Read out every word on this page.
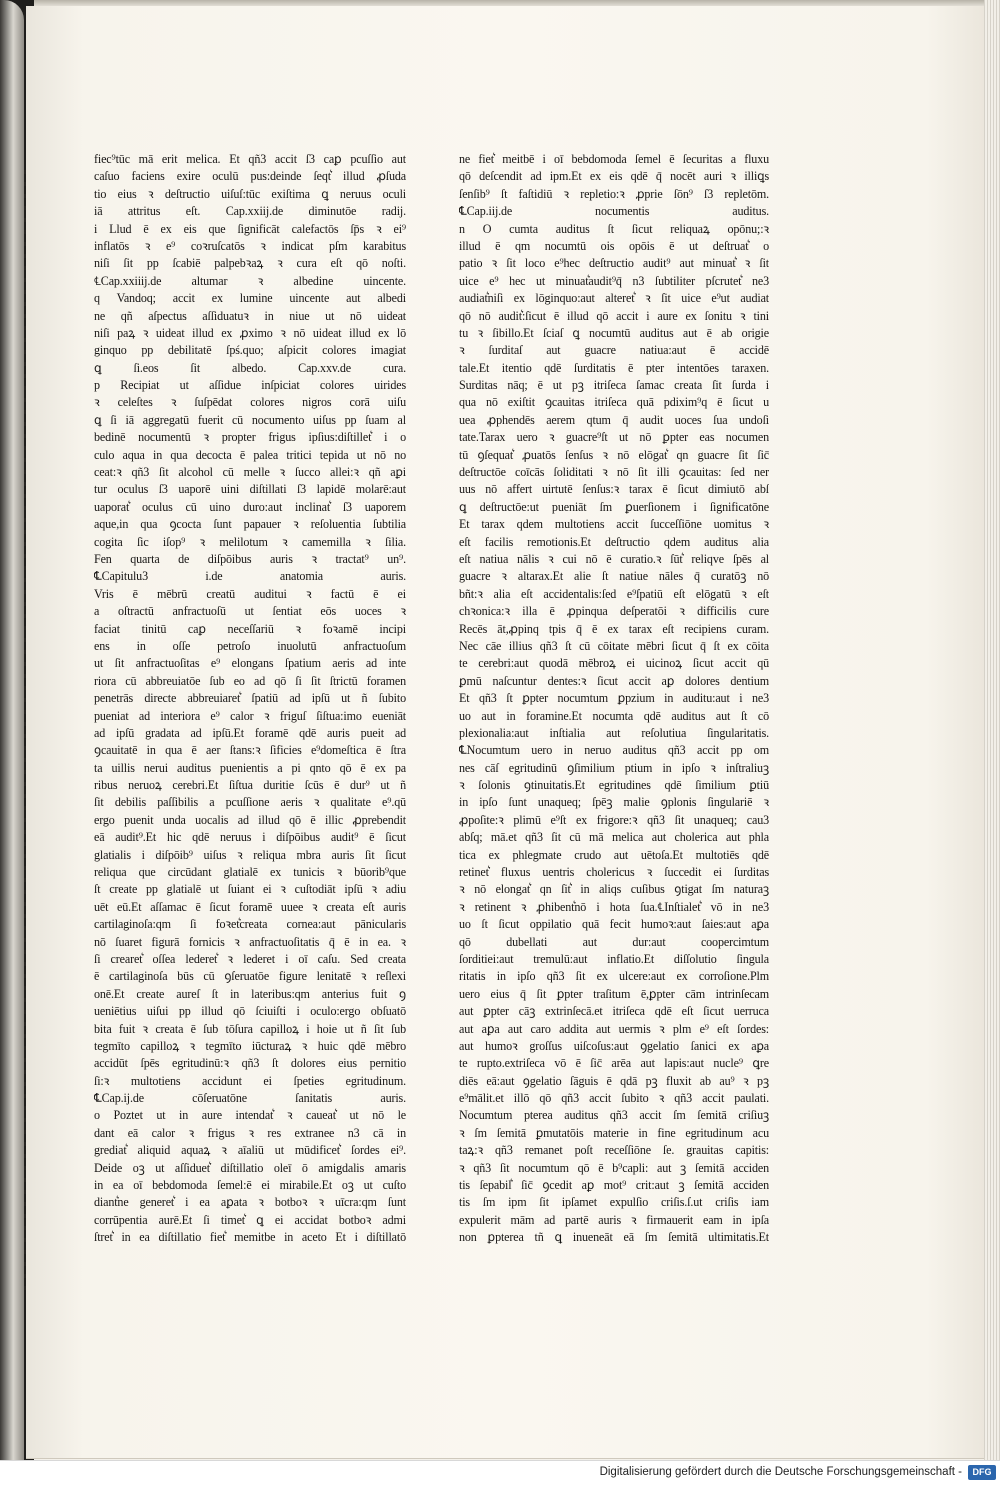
fiec⁹tūc mā erit melica. Et qñ3 accit ſ3 caꝑ pcuſſio aut
caſuo faciens exire oculū pus:deinde ſeqt͛ illud ꝓſuda
tio eius ꝛ deſtructio uiſuſ:tūc exiſtima ꝗ neruus oculi
iā attritus eſt. Cap.xxiij.de diminutōe radij.
i Llud ē ex eis que ſignificāt calefactōs ſp̄s ꝛ ei⁹
inflatōs ꝛ e⁹ coꝛruſcatōs ꝛ indicat pſm karabitus
niſi ſit pp ſcabiē palpebꝛaꝝ ꝛ cura eſt qō noſti.
℄Cap.xxiiij.de altumar ꝛ albedine uincente.
q Vandoq; accit ex lumine uincente aut albedi
ne qñ aſpectus aſſiduatuꝛ in niue ut nō uideat
niſi paꝝ ꝛ uideat illud ex ꝓximo ꝛ nō uideat illud ex lō
ginquo pp debilitatē ſpś.quo; aſpicit colores imagiat
ꝗ ſi.eos ſit albedo. Cap.xxv.de cura.
p Recipiat ut aſſidue inſpiciat colores uirides
ꝛ celeſtes ꝛ ſuſpēdat colores nigros corā uiſu
ꝗ ſi iā aggregatū fuerit cū nocumento uiſus pp ſuam al
bedinē nocumentū ꝛ propter frigus ipſius:diſtillet͛ i o
culo aqua in qua decocta ē palea tritici tepida ut nō no
ceat:ꝛ qñ3 ſit alcohol cū melle ꝛ ſucco allei:ꝛ qñ aꝑi
tur oculus ſ3 uaporē uini diſtillati ſ3 lapidē molarē:aut
uaporat͛ oculus cū uino duro:aut inclinat͛ ſ3 uaporem
aque,in qua ꝯcocta ſunt papauer ꝛ reſoluentia ſubtilia
cogita ſic iſop⁹ ꝛ melilotum ꝛ camemilla ꝛ ſilia.
Fen quarta de diſpōibus auris ꝛ tractat⁹ un⁹.
℄Capitulu3 i.de anatomia auris.
Vris ē mēbrū creatū auditui ꝛ factū ē ei
a oſtractū anfractuoſū ut ſentiat eōs uoces ꝛ
faciat tinitū caꝑ neceſſariū ꝛ foꝛamē incipi
ens in oſſe petroſo inuolutū anfractuoſum
ut ſit anfractuoſitas e⁹ elongans ſpatium aeris ad inte
riora cū abbreuiatōe ſub eo ad qō ſi ſit ſtrictū foramen
penetrās directe abbreuiaret͛ ſpatiū ad ipſū ut ñ ſubito
pueniat ad interiora e⁹ calor ꝛ friguſ ſiſtua:imo eueniāt
ad ipſū gradata ad ipſū.Et foramē qdē auris pueit ad
ꝯcauitatē in qua ē aer ſtans:ꝛ ſificies e⁹domeſtica ē ſtra
ta uillis nerui auditus puenientis a pi qnto qō ē ex pa
ribus neruoꝝ cerebri.Et ſiſtua duritie ſcūs ē dur⁹ ut ñ
ſit debilis paſſibilis a pcuſſione aeris ꝛ qualitate e⁹.qū
ergo puenit unda uocalis ad illud qō ē illic ꝓprebendit
eā audit⁹.Et hic qdē neruus i diſpōibus audit⁹ ē ſicut
glatialis i diſpōib⁹ uiſus ꝛ reliqua mbra auris ſit ſicut
reliqua que circūdant glatialē ex tunicis ꝛ būorib⁹que
ſt create pp glatialē ut ſuiant ei ꝛ cuſtodiāt ipſū ꝛ adiu
uēt eū.Et aſſamac ē ſicut foramē uuee ꝛ creata eſt auris
cartilaginoſa:qm ſi foꝛet͛creata cornea:aut pānicularis
nō ſuaret figurā fornicis ꝛ anfractuoſitatis q̄ ē in ea. ꝛ
ſi crearet͛ oſſea lederet͛ ꝛ lederet i oī caſu. Sed creata
ē cartilaginoſa būs cū ꝯſeruatōe figure lenitatē ꝛ reſlexi
onē.Et create aureſ ſt in lateribus:qm anterius fuit ꝯ
ueniētius uiſui pp illud qō ſciuiſti i oculo:ergo obſuatō
bita fuit ꝛ creata ē ſub tōſura capilloꝝ i hoie ut ñ ſit ſub
tegmīto capilloꝝ ꝛ tegmīto iūcturaꝝ ꝛ huic qdē mēbro
accidūt ſpēs egritudinū:ꝛ qñ3 ſt dolores eius pernitio
ſi:ꝛ multotiens accidunt ei ſpeties egritudinum.
℄Cap.ij.de cōſeruatōne ſanitatis auris.
o Poztet ut in aure intendat͛ ꝛ caueat͛ ut nō le
dant eā calor ꝛ frigus ꝛ res extranee n3 cā in
grediat͛ aliquid aquaꝝ ꝛ aīaliū ut mūdificet͛ ſordes ei⁹.
Deide oꝫ ut aſſiduet͛ diſtillatio oleī ō amigdalis amaris
in ea oī bebdomoda ſemel:ē ei mirabile.Et oꝫ ut cuſto
diant͛ne generet͛ i ea aꝑata ꝛ botboꝛ ꝛ uīcra:qm ſunt
corrūpentia aurē.Et ſi timet͛ ꝗ ei accidat botboꝛ admi
ſtret͛ in ea diſtillatio fiet͛ memitbe in aceto Et i diſtillatō
ne fiet͛ meitbē i oī bebdomoda ſemel ē ſecuritas a fluxu
qō deſcendit ad ipm.Et ex eis qdē q̄ nocēt auri ꝛ illiꝗs
ſenſib⁹ ſt faſtidiū ꝛ repletio:ꝛ ꝓprie ſōn⁹ ſ3 repletōm.
℄Cap.iij.de nocumentis auditus.
n O cumta auditus ſt ſicut reliquaꝝ opōnu;:ꝛ
illud ē qm nocumtū ois opōis ē ut deſtruat͛ o
patio ꝛ ſit loco e⁹hec deſtructio audit⁹ aut minuat͛ ꝛ ſit
uice e⁹ hec ut minuat͛audit⁹q̄ n3 ſubtiliter pſcrutet͛ ne3
audiat͛niſi ex lōginquo:aut alteret͛ ꝛ ſit uice e⁹ut audiat
qō nō audit͛:ſicut ē illud qō accit i aure ex ſonitu ꝛ tini
tu ꝛ ſibillo.Et ſciaſ ꝗ nocumtū auditus aut ē ab origie
ꝛ ſurditaſ aut guacre natiua:aut ē accidē
tale.Et itentio qdē ſurditatis ē pter intentōes taraxen.
Surditas nāq; ē ut pꝫ itriſeca ſamac creata ſit ſurda i
qua nō exiſtit ꝯcauitas itriſeca quā pdixim⁹q ē ſicut u
uea ꝓphendēs aerem qtum q̄ audit uoces ſua undoſi
tate.Tarax uero ꝛ guacre⁹ſt ut nō ꝑpter eas nocumen
tū ꝯſequat͛ ꝓuatōs ſenſus ꝛ nō elōgat͛ qn guacre ſit ſic̄
deſtructōe coīcās ſoliditati ꝛ nō ſit illi ꝯcauitas: ſed ner
uus nō affert uirtutē ſenſus:ꝛ tarax ē ſicut dimiutō abſ
ꝗ deſtructōe:ut pueniāt ſm ꝑuerſionem i ſignificatōne
Et tarax qdem multotiens accit ſucceſſiōne uomitus ꝛ
eſt facilis remotionis.Et deſtructio qdem auditus alia
eſt natiua nālis ꝛ cui nō ē curatio.ꝛ ſūt͛ reliqve ſpēs al
guacre ꝛ altarax.Et alie ſt natiue nāles q̄ curatōꝫ nō
bñt:ꝛ alia eſt accidentalis:ſed e⁹ſpatiū eſt elōgatū ꝛ eſt
chꝛonica:ꝛ illa ē ꝓpinqua deſperatōi ꝛ difficilis cure
Recēs āt,ꝓpinq tpis q̄ ē ex tarax eſt recipiens curam.
Nec cāe illius qñ3 ſt cū cōitate mēbri ſicut q̄ ſt ex cōita
te cerebri:aut quodā mēbroꝝ ei uicinoꝝ ſicut accit qū
ꝑmū naſcuntur dentes:ꝛ ſicut accit aꝑ dolores dentium
Et qñ3 ſt ꝑpter nocumtum ꝑpzium in auditu:aut i ne3
uo aut in foramine.Et nocumta qdē auditus aut ſt cō
plexionalia:aut inſtialia aut reſolutiua ſingularitatis.
℄Nocumtum uero in neruo auditus qñ3 accit pp om
nes cāſ egritudinū ꝯſimilium ptium in ipſo ꝛ inſtraliuꝫ
ꝛ ſolonis ꝯtinuitatis.Et egritudines qdē ſimilium ꝑtiū
in ipſo ſunt unaqueq; ſpēꝫ malie ꝯplonis ſingulariē ꝛ
ꝓpoſite:ꝛ plimū e⁹ſt ex frigore:ꝛ qñ3 ſit unaqueq; cau3
abſq; mā.et qñ3 ſit cū mā melica aut cholerica aut phla
tica ex phlegmate crudo aut uētoſa.Et multotiēs qdē
retinet͛ fluxus uentris cholericus ꝛ ſuccedit ei ſurditas
ꝛ nō elongat͛ qn ſit͛ in aliqs cuſibus ꝯtigat ſm naturaꝫ
ꝛ retinent ꝛ ꝓhibent͛nō i hota ſua.℄Inſtialet͛ vō in ne3
uo ſt ſicut oppilatio quā fecit humoꝛ:aut ſaies:aut aꝑa
qō dubellati aut dur:aut coopercimtum
ſorditiei:aut tremulū:aut inflatio.Et diſſolutio ſingula
ritatis in ipſo qñ3 ſit ex ulcere:aut ex corroſione.Plm
uero eius q̄ ſit ꝑpter traſitum ē,ꝑpter cām intrinſecam
aut ꝑpter cāꝫ extrinſecā.et itriſeca qdē eſt ſicut uerruca
aut aꝑa aut caro addita aut uermis ꝛ plm e⁹ eſt ſordes:
aut humoꝛ groſſus uiſcoſus:aut ꝯgelatio ſanici ex aꝑa
te rupto.extriſeca vō ē ſic̄ arēa aut lapis:aut nucle⁹ ꝗre
diēs eā:aut ꝯgelatio ſāguis ē qdā pꝫ fluxit ab au⁹ ꝛ pꝫ
e⁹mālit.et illō qō qñ3 accit ſubito ꝛ qñ3 accit paulati.
Nocumtum pterea auditus qñ3 accit ſm ſemitā criſiuꝫ
ꝛ ſm ſemitā ꝑmutatōis materie in fine egritudinum acu
taꝝ:ꝛ qñ3 remanet poſt receſſiōne ſe. grauitas capitis:
ꝛ qñ3 ſit nocumtum qō ē b⁹capli: aut ꝫ ſemitā acciden
tis ſepabil͛ ſic̄ ꝯcedit aꝑ mot⁹ crit:aut ꝫ ſemitā acciden
tis ſm ipm ſit ipſamet expulſio criſis.ſ.ut criſis iam
expulerit mām ad partē auris ꝛ firmauerit eam in ipſa
non ꝑpterea tñ ꝗ inueneāt eā ſm ſemitā ultimitatis.Et
Digitalisierung gefördert durch die Deutsche Forschungsgemeinschaft -	DFG
